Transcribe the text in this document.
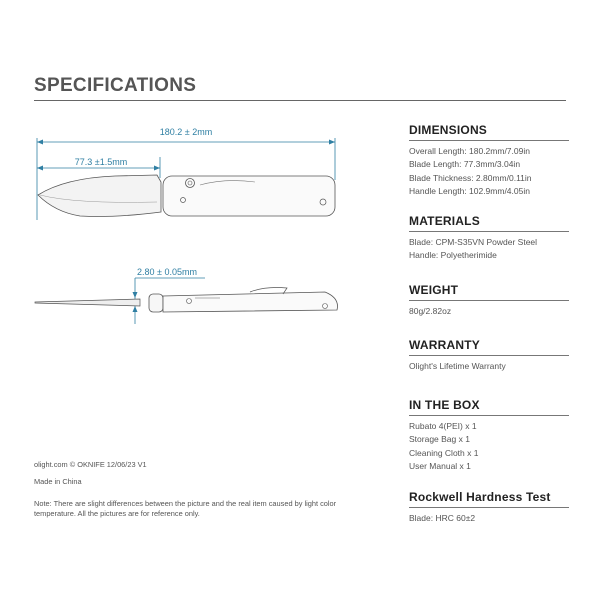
SPECIFICATIONS
180.2 ± 2mm
77.3 ±1.5mm
2.80 ± 0.05mm
DIMENSIONS
Overall Length: 180.2mm/7.09in
Blade Length: 77.3mm/3.04in
Blade Thickness: 2.80mm/0.11in
Handle Length: 102.9mm/4.05in
MATERIALS
Blade: CPM-S35VN Powder Steel
Handle: Polyetherimide
WEIGHT
80g/2.82oz
WARRANTY
Olight's Lifetime Warranty
IN THE BOX
Rubato 4(PEI) x 1
Storage Bag x 1
Cleaning Cloth x 1
User Manual x 1
Rockwell Hardness Test
Blade: HRC 60±2
olight.com © OKNIFE 12/06/23 V1
Made in China
Note: There are slight differences between the picture and the real item caused by light color temperature. All the pictures are for reference only.
